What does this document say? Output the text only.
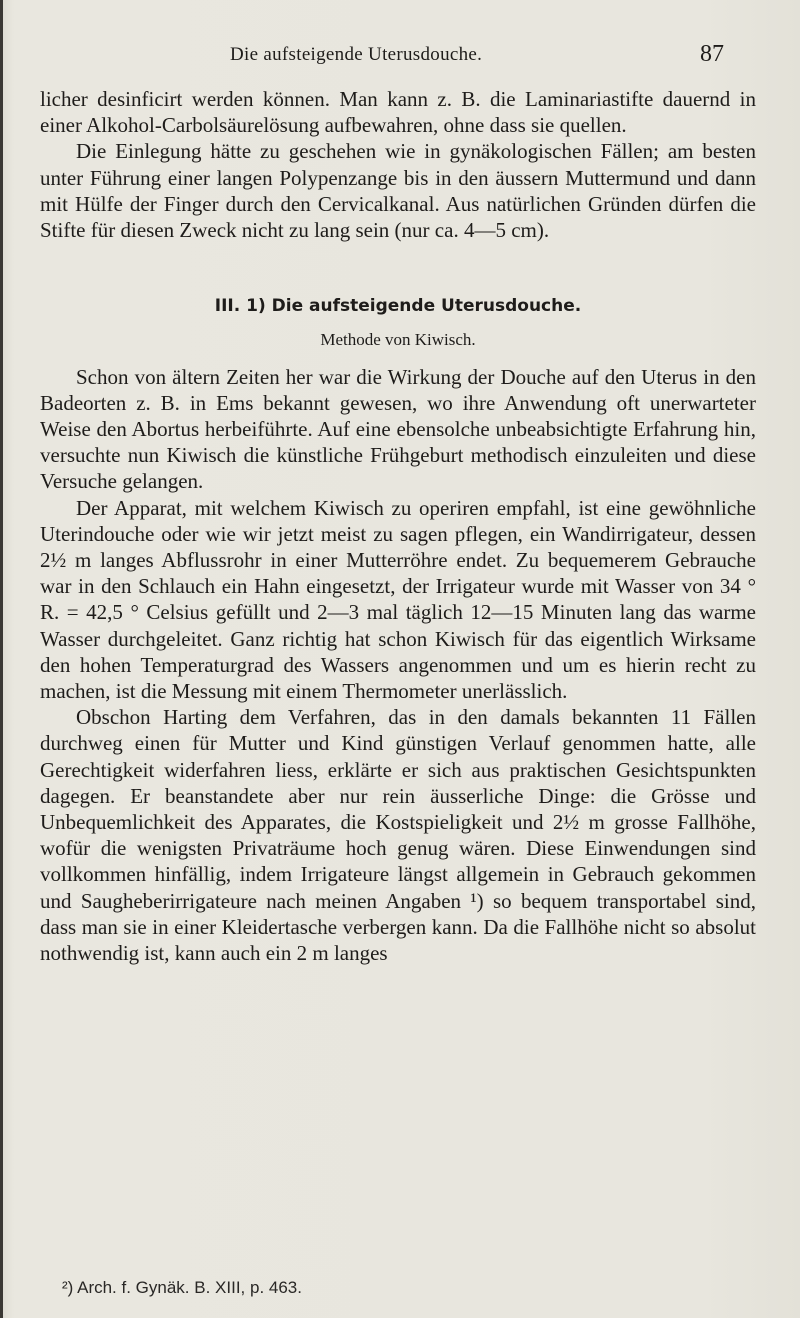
Die aufsteigende Uterusdouche.	87

licher desinficirt werden können. Man kann z. B. die Laminariastifte dauernd in einer Alkohol-Carbolsäurelösung aufbewahren, ohne dass sie quellen.

Die Einlegung hätte zu geschehen wie in gynäkologischen Fällen; am besten unter Führung einer langen Polypenzange bis in den äussern Muttermund und dann mit Hülfe der Finger durch den Cervicalkanal. Aus natürlichen Gründen dürfen die Stifte für diesen Zweck nicht zu lang sein (nur ca. 4—5 cm).

III. 1) Die aufsteigende Uterusdouche.
Methode von Kiwisch.

Schon von ältern Zeiten her war die Wirkung der Douche auf den Uterus in den Badeorten z. B. in Ems bekannt gewesen, wo ihre Anwendung oft unerwarteter Weise den Abortus herbeiführte. Auf eine ebensolche unbeabsichtigte Erfahrung hin, versuchte nun Kiwisch die künstliche Frühgeburt methodisch einzuleiten und diese Versuche gelangen.

Der Apparat, mit welchem Kiwisch zu operiren empfahl, ist eine gewöhnliche Uterindouche oder wie wir jetzt meist zu sagen pflegen, ein Wandirrigateur, dessen 2½ m langes Abflussrohr in einer Mutterröhre endet. Zu bequemerem Gebrauche war in den Schlauch ein Hahn eingesetzt, der Irrigateur wurde mit Wasser von 34 ° R. = 42,5 ° Celsius gefüllt und 2—3 mal täglich 12—15 Minuten lang das warme Wasser durchgeleitet. Ganz richtig hat schon Kiwisch für das eigentlich Wirksame den hohen Temperaturgrad des Wassers angenommen und um es hierin recht zu machen, ist die Messung mit einem Thermometer unerlässlich.

Obschon Harting dem Verfahren, das in den damals bekannten 11 Fällen durchweg einen für Mutter und Kind günstigen Verlauf genommen hatte, alle Gerechtigkeit widerfahren liess, erklärte er sich aus praktischen Gesichtspunkten dagegen. Er beanstandete aber nur rein äusserliche Dinge: die Grösse und Unbequemlichkeit des Apparates, die Kostspieligkeit und 2½ m grosse Fallhöhe, wofür die wenigsten Privaträume hoch genug wären. Diese Einwendungen sind vollkommen hinfällig, indem Irrigateure längst allgemein in Gebrauch gekommen und Saugheberirrigateure nach meinen Angaben ¹) so bequem transportabel sind, dass man sie in einer Kleidertasche verbergen kann. Da die Fallhöhe nicht so absolut nothwendig ist, kann auch ein 2 m langes

²) Arch. f. Gynäk. B. XIII, p. 463.
